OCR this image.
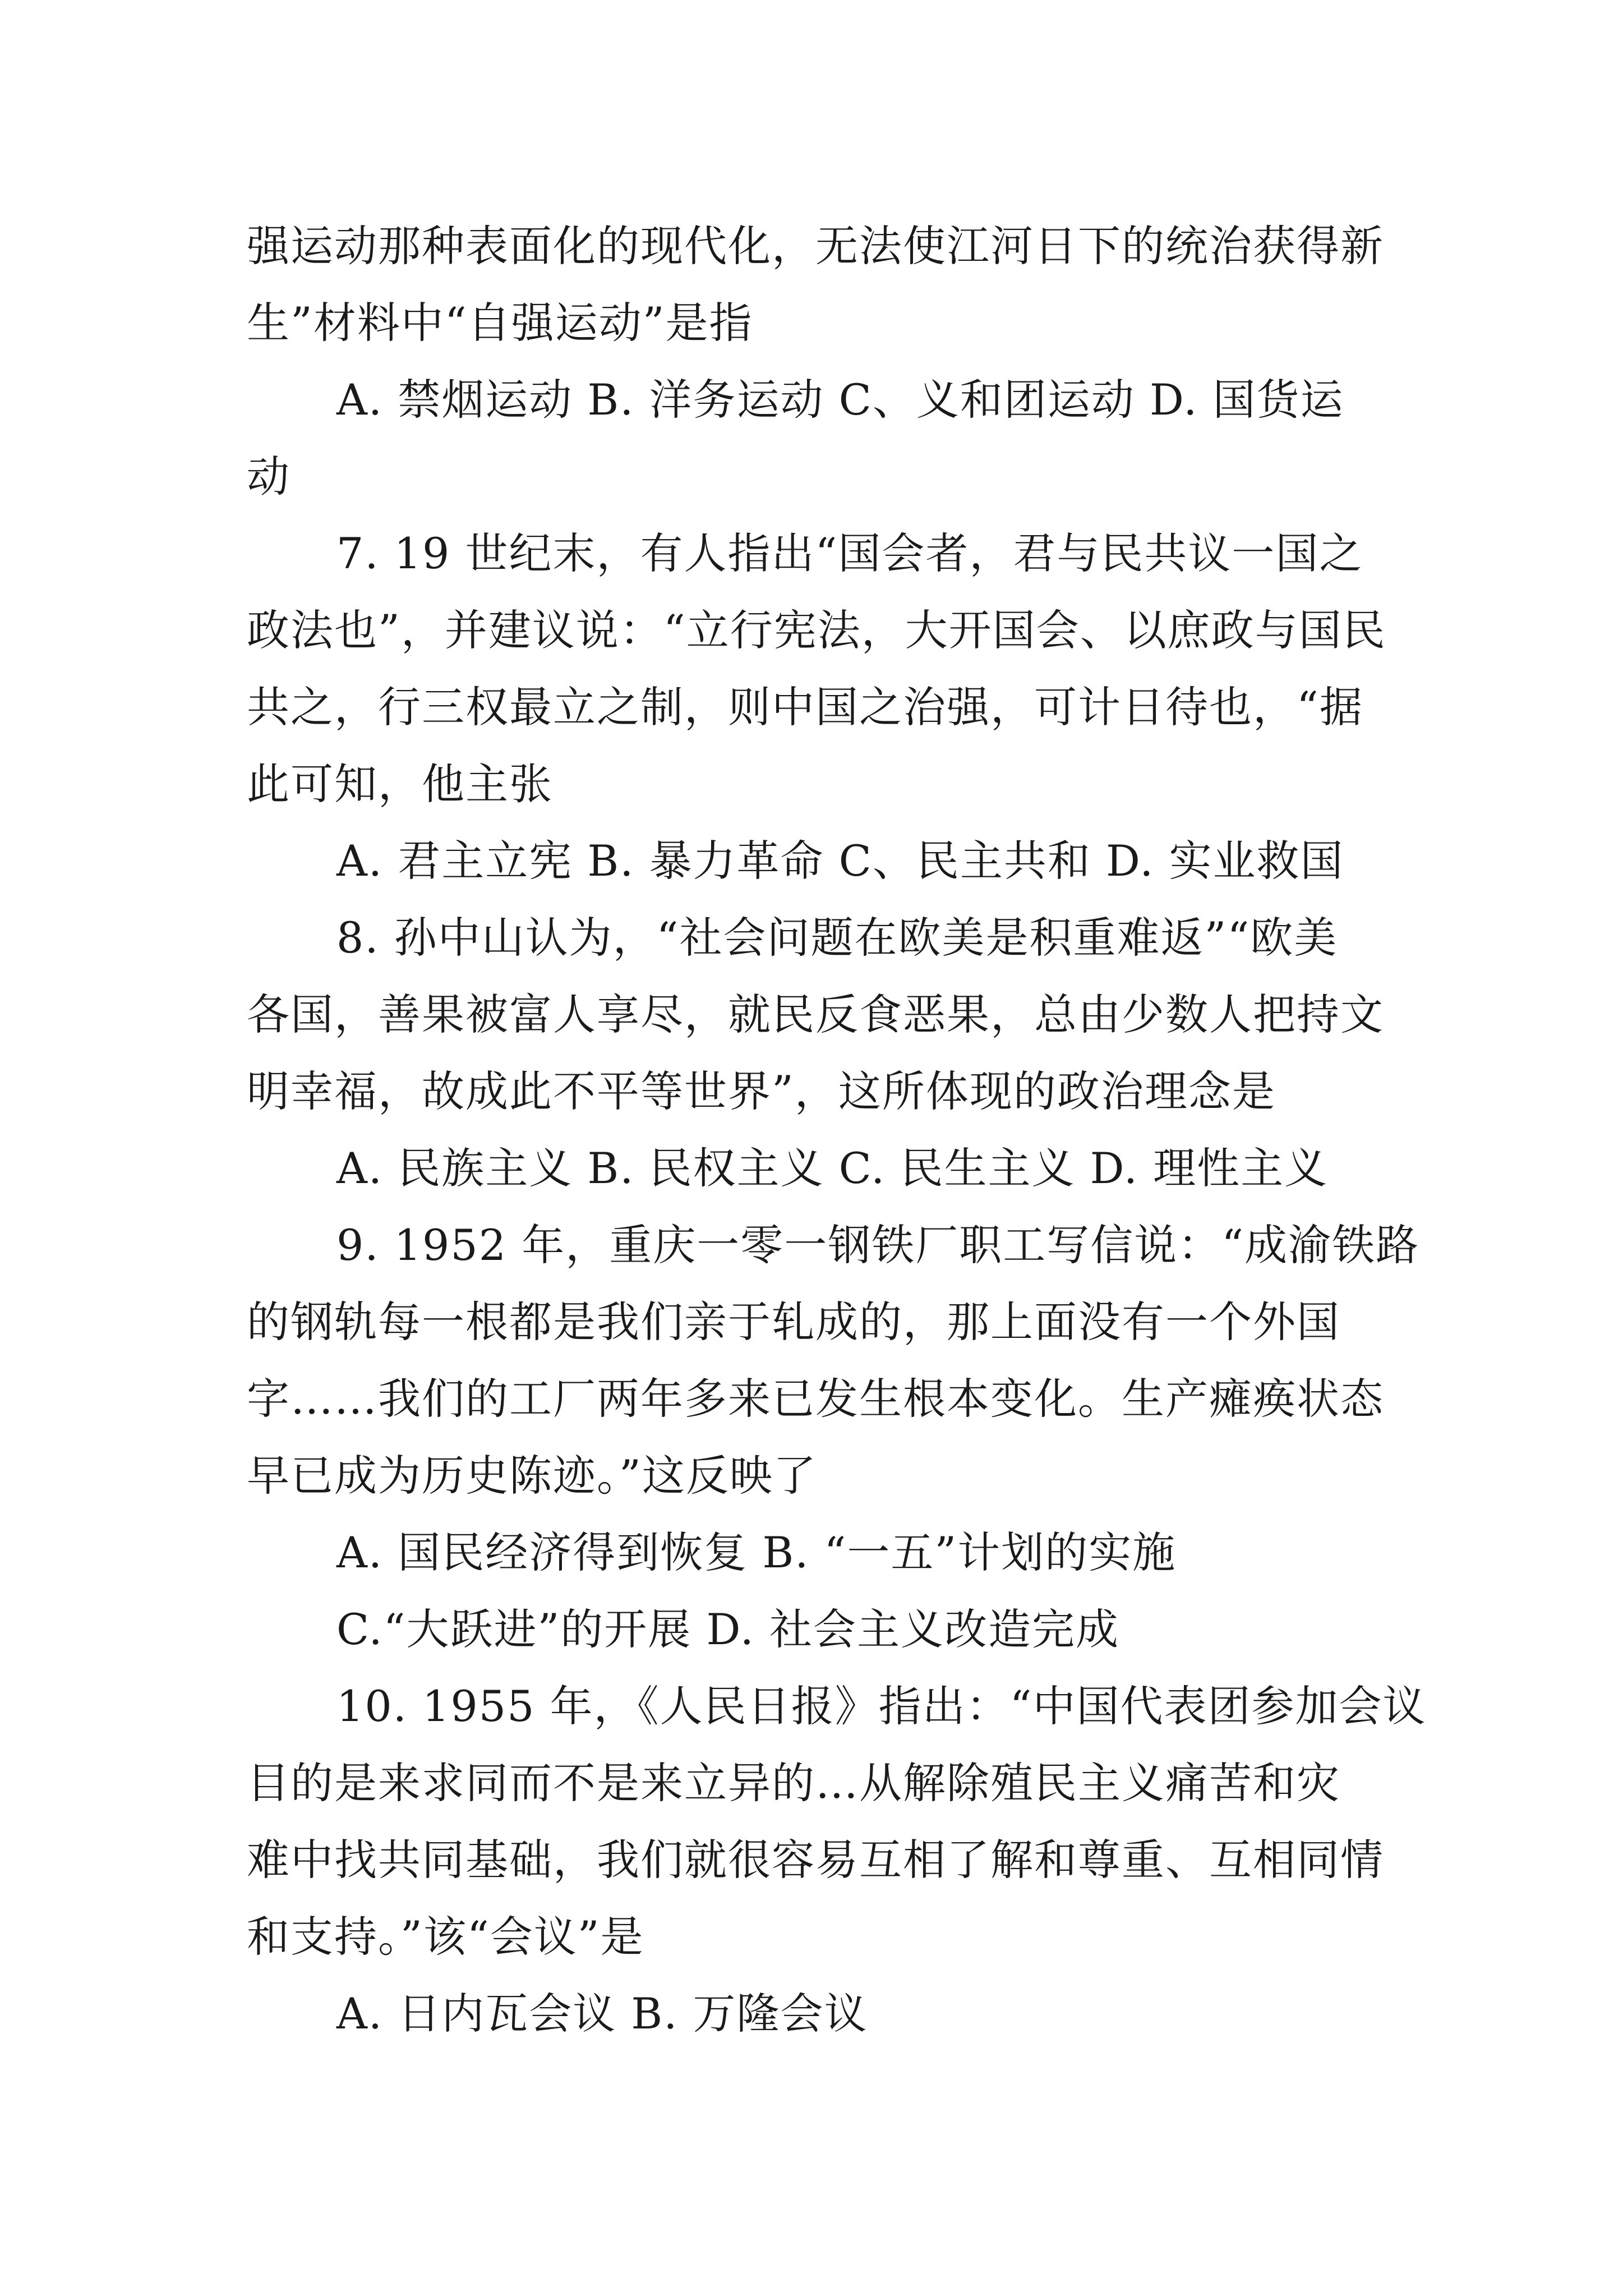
强运动那种表面化的现代化，无法使江河日下的统治获得新
生”材料中“自强运动”是指
A. 禁烟运动 B. 洋务运动 C、义和团运动 D. 国货运
动
7. 19 世纪末，有人指出“国会者，君与民共议一国之
政法也”，并建议说：“立行宪法，大开国会、以庶政与国民
共之，行三权最立之制，则中国之治强，可计日待也，“据
此可知，他主张
A. 君主立宪 B. 暴力革命 C、民主共和 D. 实业救国
8. 孙中山认为，“社会问题在欧美是积重难返”“欧美
各国，善果被富人享尽，就民反食恶果，总由少数人把持文
明幸福，故成此不平等世界”，这所体现的政治理念是
A. 民族主义 B. 民权主义 C. 民生主义 D. 理性主义
9. 1952 年，重庆一零一钢铁厂职工写信说：“成渝铁路
的钢轨每一根都是我们亲于轧成的，那上面没有一个外国
字……我们的工厂两年多来已发生根本变化。生产瘫痪状态
早已成为历史陈迹。”这反映了
A. 国民经济得到恢复 B. “一五”计划的实施
C.“大跃进”的开展 D. 社会主义改造完成
10. 1955 年，《人民日报》指出：“中国代表团参加会议
目的是来求同而不是来立异的…从解除殖民主义痛苦和灾
难中找共同基础，我们就很容易互相了解和尊重、互相同情
和支持。”该“会议”是
A. 日内瓦会议 B. 万隆会议
